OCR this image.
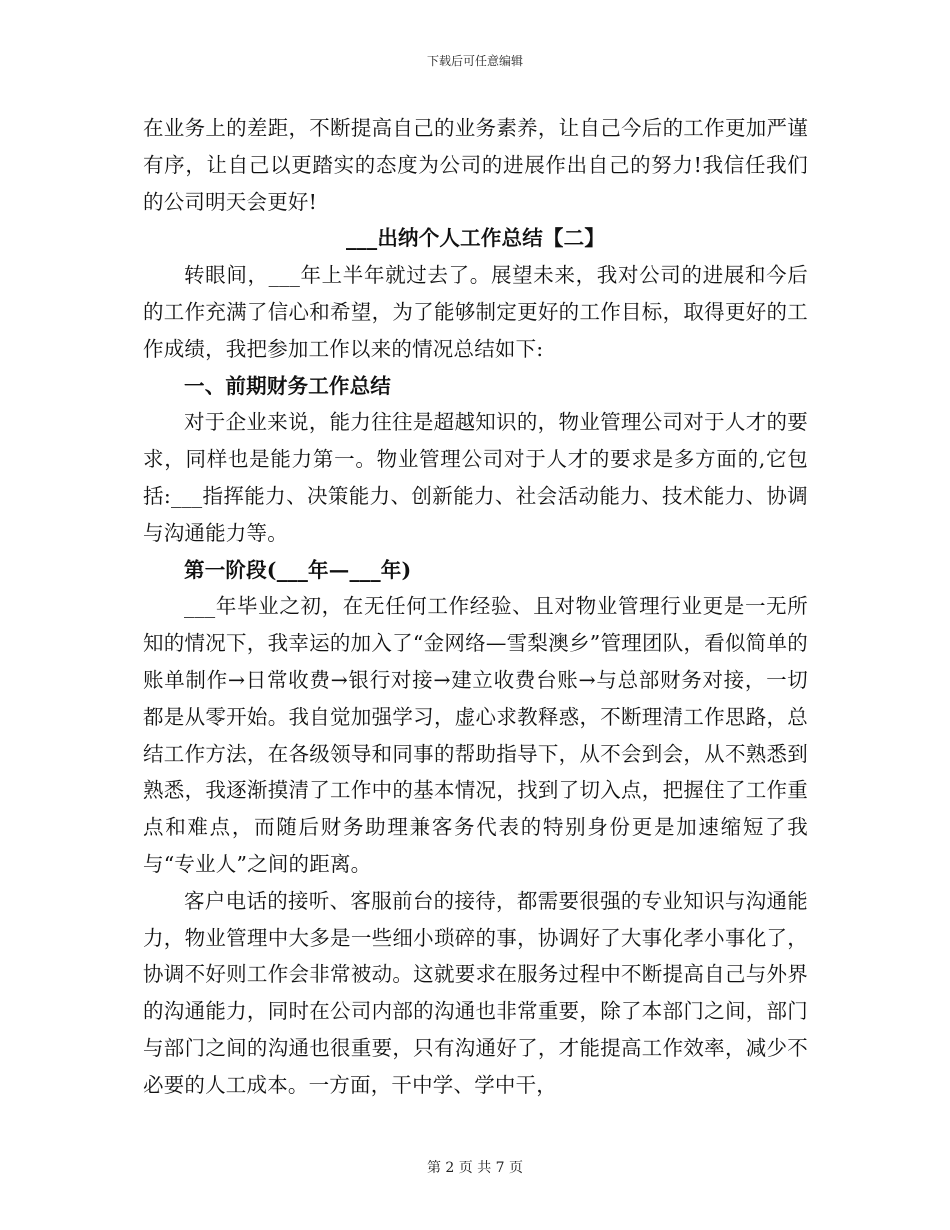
下载后可任意编辑

在业务上的差距，不断提高自己的业务素养，让自己今后的工作更加严谨有序，让自己以更踏实的态度为公司的进展作出自己的努力!我信任我们的公司明天会更好!

___出纳个人工作总结【二】

转眼间，___年上半年就过去了。展望未来，我对公司的进展和今后的工作充满了信心和希望，为了能够制定更好的工作目标，取得更好的工作成绩，我把参加工作以来的情况总结如下:

一、前期财务工作总结

对于企业来说，能力往往是超越知识的，物业管理公司对于人才的要求，同样也是能力第一。物业管理公司对于人才的要求是多方面的,它包括:___指挥能力、决策能力、创新能力、社会活动能力、技术能力、协调与沟通能力等。

第一阶段(___年—___年)

___年毕业之初，在无任何工作经验、且对物业管理行业更是一无所知的情况下，我幸运的加入了“金网络—雪梨澳乡”管理团队，看似简单的账单制作→日常收费→银行对接→建立收费台账→与总部财务对接，一切都是从零开始。我自觉加强学习，虚心求教释惑，不断理清工作思路，总结工作方法，在各级领导和同事的帮助指导下，从不会到会，从不熟悉到熟悉，我逐渐摸清了工作中的基本情况，找到了切入点，把握住了工作重点和难点，而随后财务助理兼客务代表的特别身份更是加速缩短了我与“专业人”之间的距离。

客户电话的接听、客服前台的接待，都需要很强的专业知识与沟通能力，物业管理中大多是一些细小琐碎的事，协调好了大事化孝小事化了，协调不好则工作会非常被动。这就要求在服务过程中不断提高自己与外界的沟通能力，同时在公司内部的沟通也非常重要，除了本部门之间，部门与部门之间的沟通也很重要，只有沟通好了，才能提高工作效率，减少不必要的人工成本。一方面，干中学、学中干，

第 2 页 共 7 页
